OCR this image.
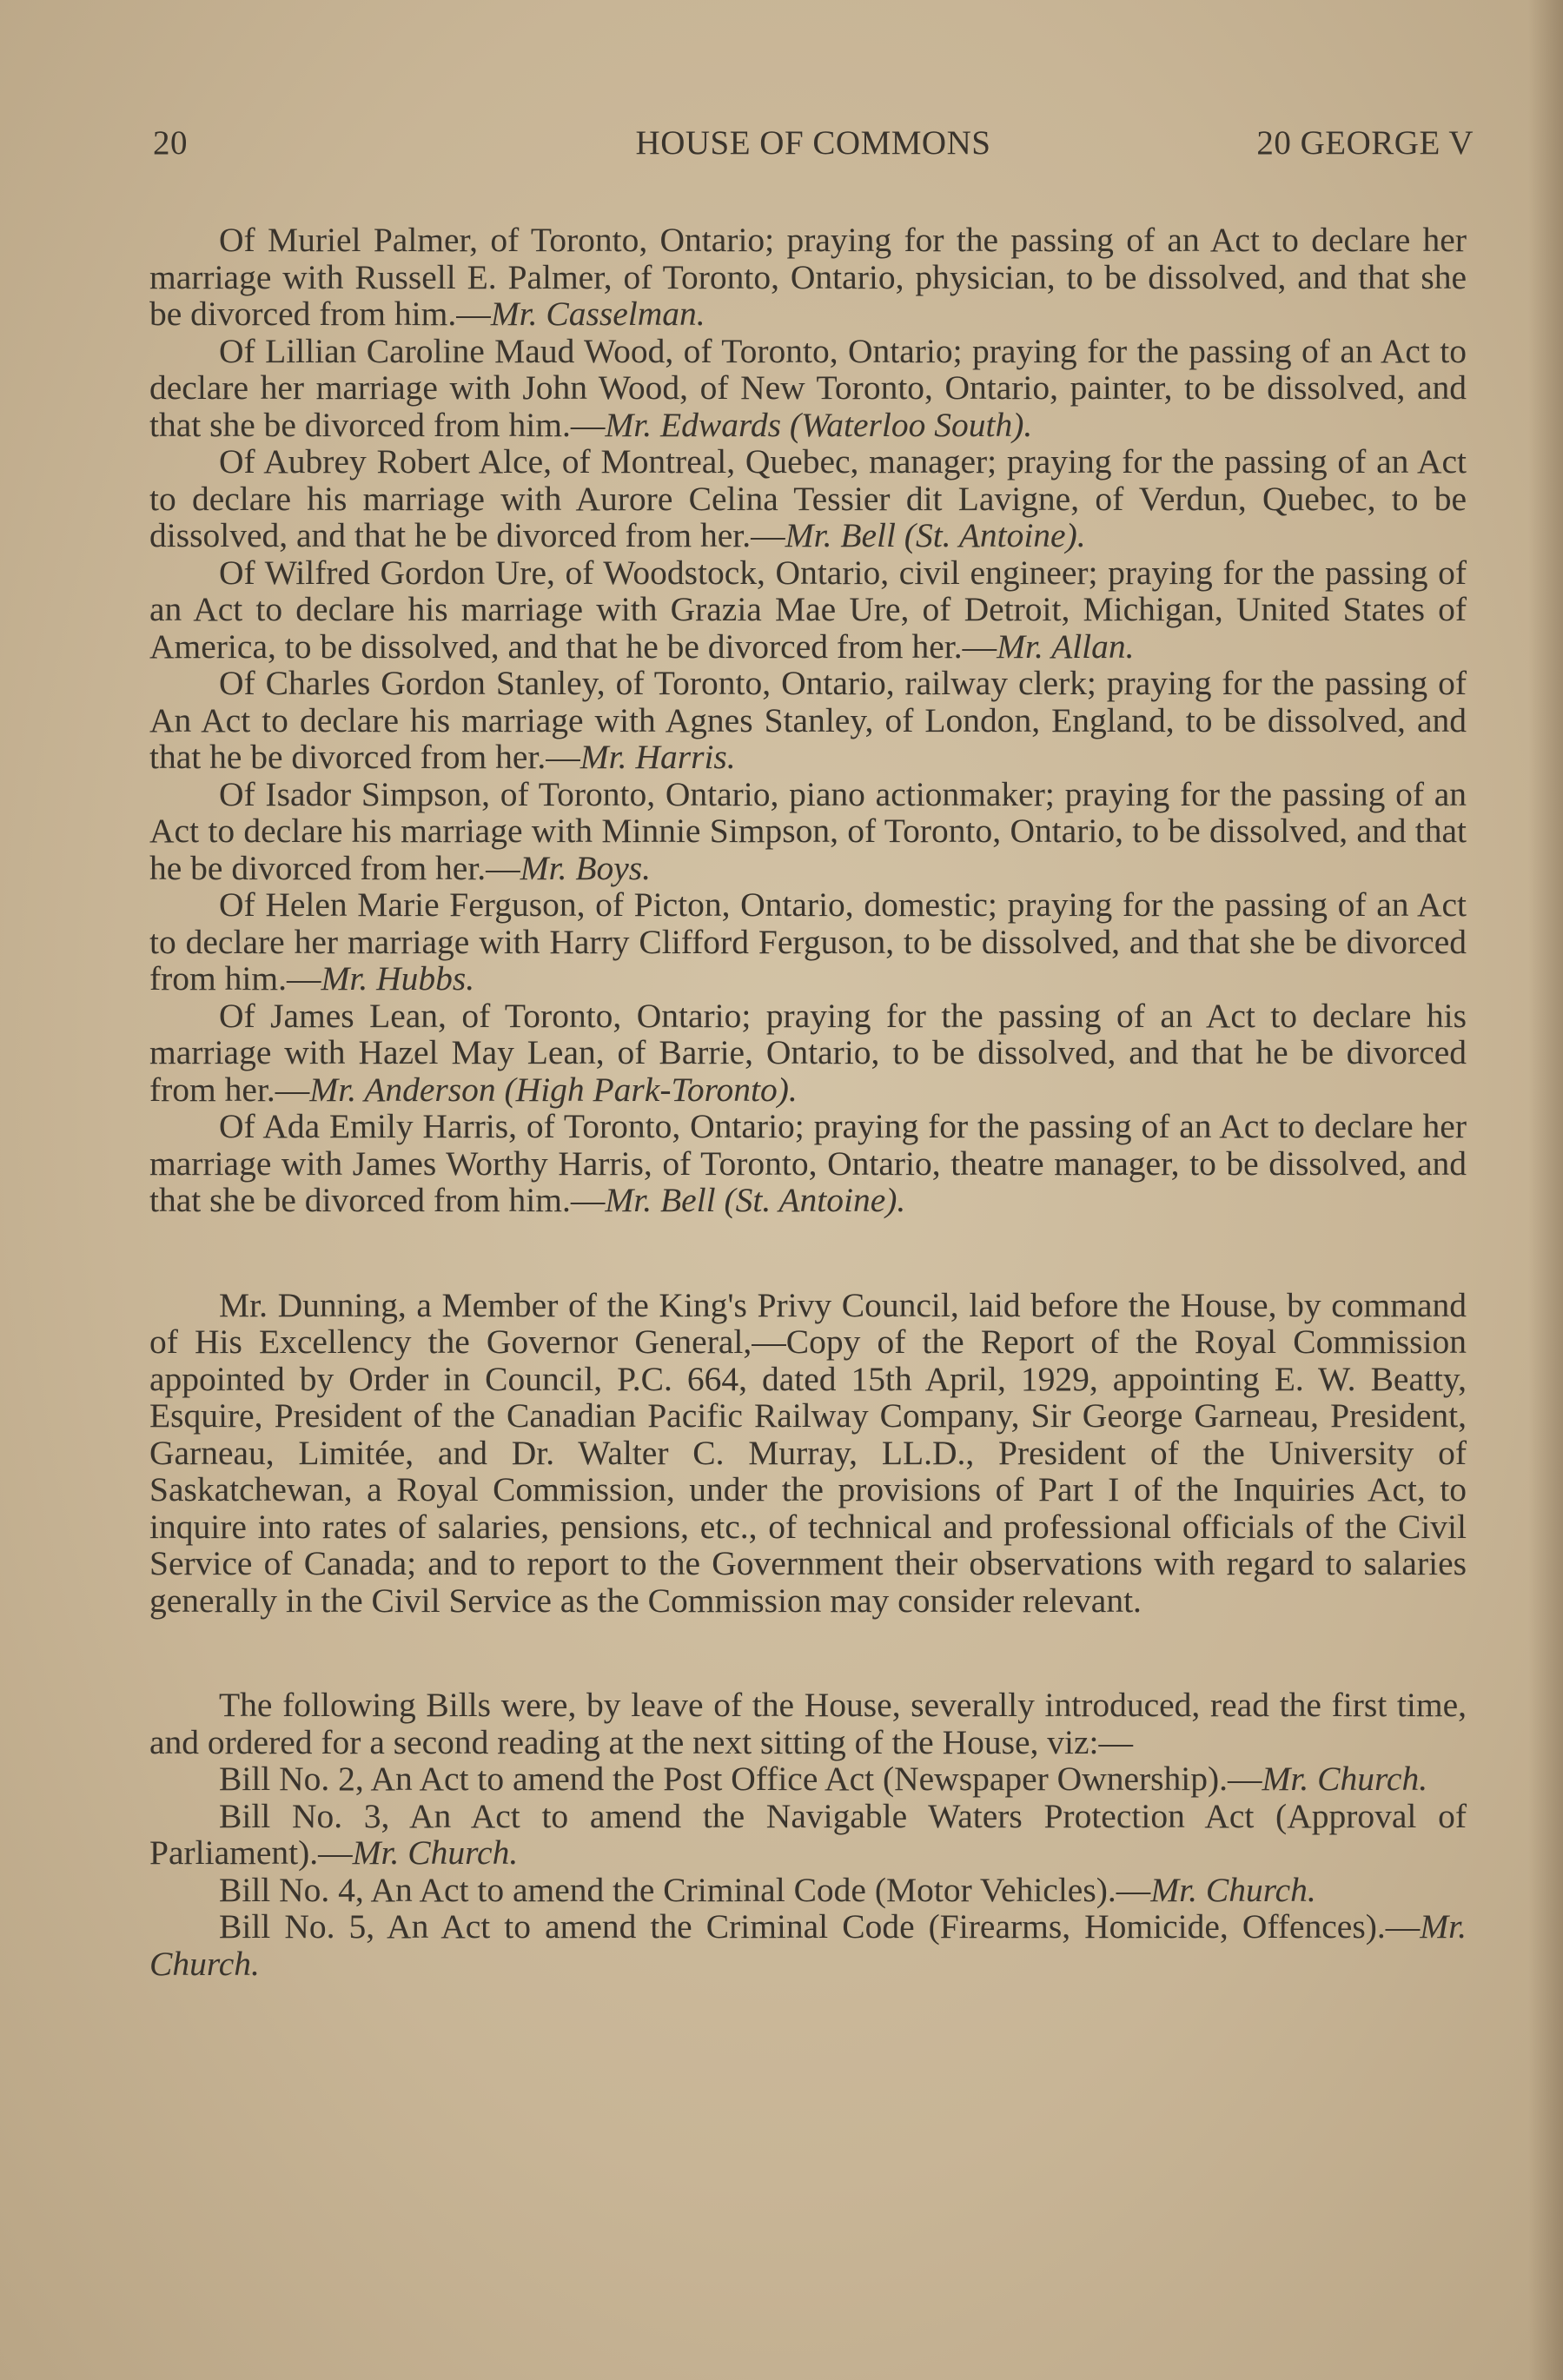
20	HOUSE OF COMMONS	20 GEORGE V

Of Muriel Palmer, of Toronto, Ontario; praying for the passing of an Act to declare her marriage with Russell E. Palmer, of Toronto, Ontario, physician, to be dissolved, and that she be divorced from him.—Mr. Casselman.

Of Lillian Caroline Maud Wood, of Toronto, Ontario; praying for the passing of an Act to declare her marriage with John Wood, of New Toronto, Ontario, painter, to be dissolved, and that she be divorced from him.—Mr. Edwards (Waterloo South).

Of Aubrey Robert Alce, of Montreal, Quebec, manager; praying for the passing of an Act to declare his marriage with Aurore Celina Tessier dit Lavigne, of Verdun, Quebec, to be dissolved, and that he be divorced from her.—Mr. Bell (St. Antoine).

Of Wilfred Gordon Ure, of Woodstock, Ontario, civil engineer; praying for the passing of an Act to declare his marriage with Grazia Mae Ure, of Detroit, Michigan, United States of America, to be dissolved, and that he be divorced from her.—Mr. Allan.

Of Charles Gordon Stanley, of Toronto, Ontario, railway clerk; praying for the passing of An Act to declare his marriage with Agnes Stanley, of London, England, to be dissolved, and that he be divorced from her.—Mr. Harris.

Of Isador Simpson, of Toronto, Ontario, piano actionmaker; praying for the passing of an Act to declare his marriage with Minnie Simpson, of Toronto, Ontario, to be dissolved, and that he be divorced from her.—Mr. Boys.

Of Helen Marie Ferguson, of Picton, Ontario, domestic; praying for the passing of an Act to declare her marriage with Harry Clifford Ferguson, to be dissolved, and that she be divorced from him.—Mr. Hubbs.

Of James Lean, of Toronto, Ontario; praying for the passing of an Act to declare his marriage with Hazel May Lean, of Barrie, Ontario, to be dissolved, and that he be divorced from her.—Mr. Anderson (High Park-Toronto).

Of Ada Emily Harris, of Toronto, Ontario; praying for the passing of an Act to declare her marriage with James Worthy Harris, of Toronto, Ontario, theatre manager, to be dissolved, and that she be divorced from him.—Mr. Bell (St. Antoine).

Mr. Dunning, a Member of the King's Privy Council, laid before the House, by command of His Excellency the Governor General,—Copy of the Report of the Royal Commission appointed by Order in Council, P.C. 664, dated 15th April, 1929, appointing E. W. Beatty, Esquire, President of the Canadian Pacific Railway Company, Sir George Garneau, President, Garneau, Limitée, and Dr. Walter C. Murray, LL.D., President of the University of Saskatchewan, a Royal Commission, under the provisions of Part I of the Inquiries Act, to inquire into rates of salaries, pensions, etc., of technical and professional officials of the Civil Service of Canada; and to report to the Government their observations with regard to salaries generally in the Civil Service as the Commission may consider relevant.

The following Bills were, by leave of the House, severally introduced, read the first time, and ordered for a second reading at the next sitting of the House, viz:—

Bill No. 2, An Act to amend the Post Office Act (Newspaper Ownership).—Mr. Church.

Bill No. 3, An Act to amend the Navigable Waters Protection Act (Approval of Parliament).—Mr. Church.

Bill No. 4, An Act to amend the Criminal Code (Motor Vehicles).—Mr. Church.

Bill No. 5, An Act to amend the Criminal Code (Firearms, Homicide, Offences).—Mr. Church.
